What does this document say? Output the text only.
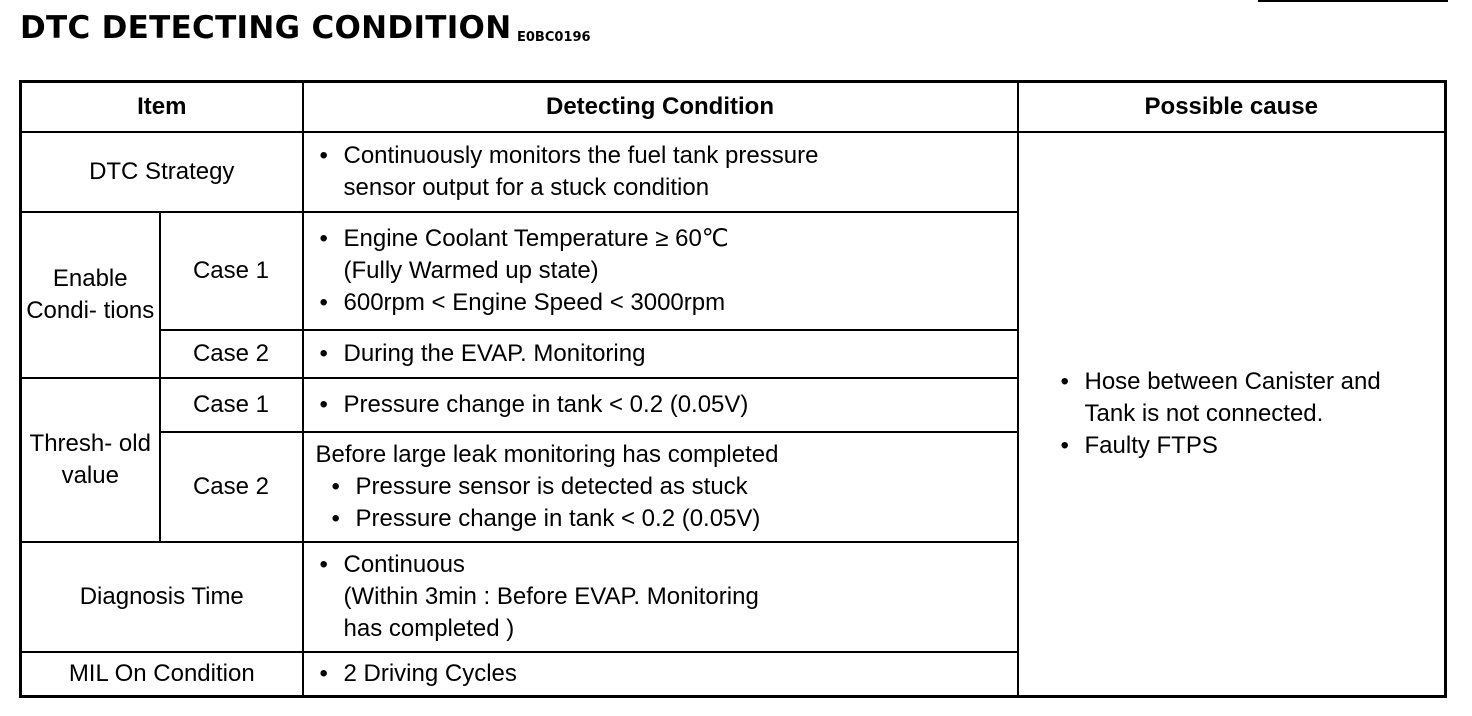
DTC DETECTING CONDITION E0BC0196
Item		Detecting Condition	Possible cause
DTC Strategy		• Continuously monitors the fuel tank pressure
sensor output for a stuck condition	• Hose between Canister and Tank is not connected.
• Faulty FTPS

Enable Condi- tions	Case 1	• Engine Coolant Temperature ≥ 60℃
(Fully Warmed up state)
• 600rpm < Engine Speed < 3000rpm

	Case 2	• During the EVAP. Monitoring

Thresh- old value	Case 1	• Pressure change in tank < 0.2 (0.05V)

	Case 2	Before large leak monitoring has completed
• Pressure sensor is detected as stuck
• Pressure change in tank < 0.2 (0.05V)

Diagnosis Time		• Continuous
(Within 3min : Before EVAP. Monitoring
has completed )

MIL On Condition		• 2 Driving Cycles
